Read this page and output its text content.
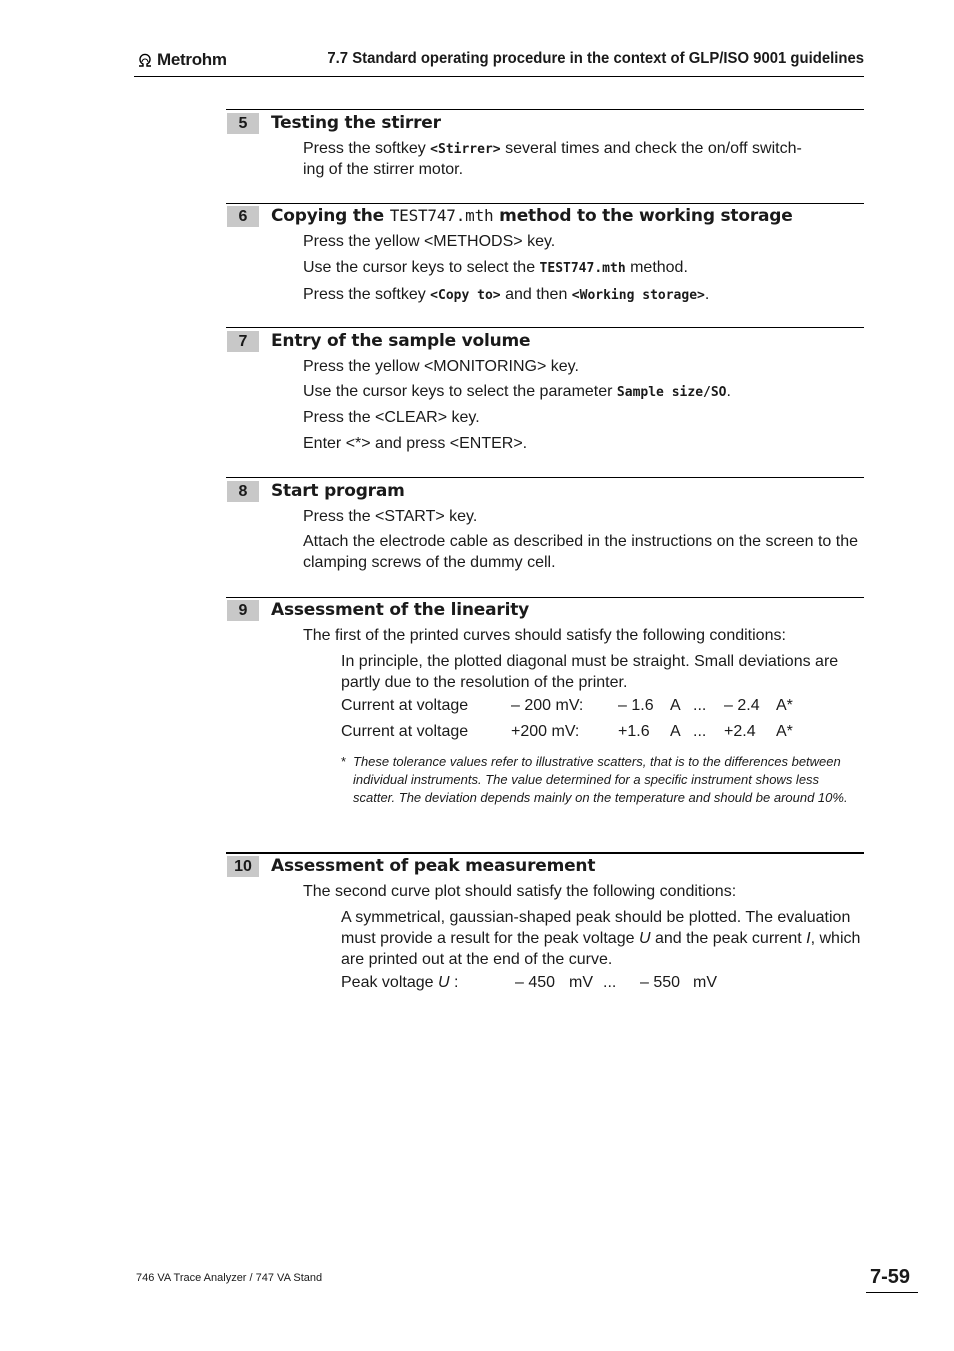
Metrohm	7.7 Standard operating procedure in the context of GLP/ISO 9001 guidelines
5	Testing the stirrer
Press the softkey <Stirrer> several times and check the on/off switch-
ing of the stirrer motor.
6	Copying the TEST747.mth method to the working storage
Press the yellow <METHODS> key.
Use the cursor keys to select the TEST747.mth method.
Press the softkey <Copy to> and then <Working storage>.
7	Entry of the sample volume
Press the yellow <MONITORING> key.
Use the cursor keys to select the parameter Sample size/SO.
Press the <CLEAR> key.
Enter <*> and press <ENTER>.
8	Start program
Press the <START> key.
Attach the electrode cable as described in the instructions on the screen to the clamping screws of the dummy cell.
9	Assessment of the linearity
The first of the printed curves should satisfy the following conditions:
In principle, the plotted diagonal must be straight. Small deviations are partly due to the resolution of the printer.
Current at voltage	– 200 mV: – 1.6 A ... – 2.4 A*
Current at voltage	+200 mV: +1.6 A ... +2.4 A*
* These tolerance values refer to illustrative scatters, that is to the differences between individual instruments. The value determined for a specific instrument shows less scatter. The deviation depends mainly on the temperature and should be around 10%.
10	Assessment of peak measurement
The second curve plot should satisfy the following conditions:
A symmetrical, gaussian-shaped peak should be plotted. The evaluation must provide a result for the peak voltage U and the peak current I, which are printed out at the end of the curve.
Peak voltage U :	– 450 mV ... – 550 mV
746 VA Trace Analyzer / 747 VA Stand	7-59
